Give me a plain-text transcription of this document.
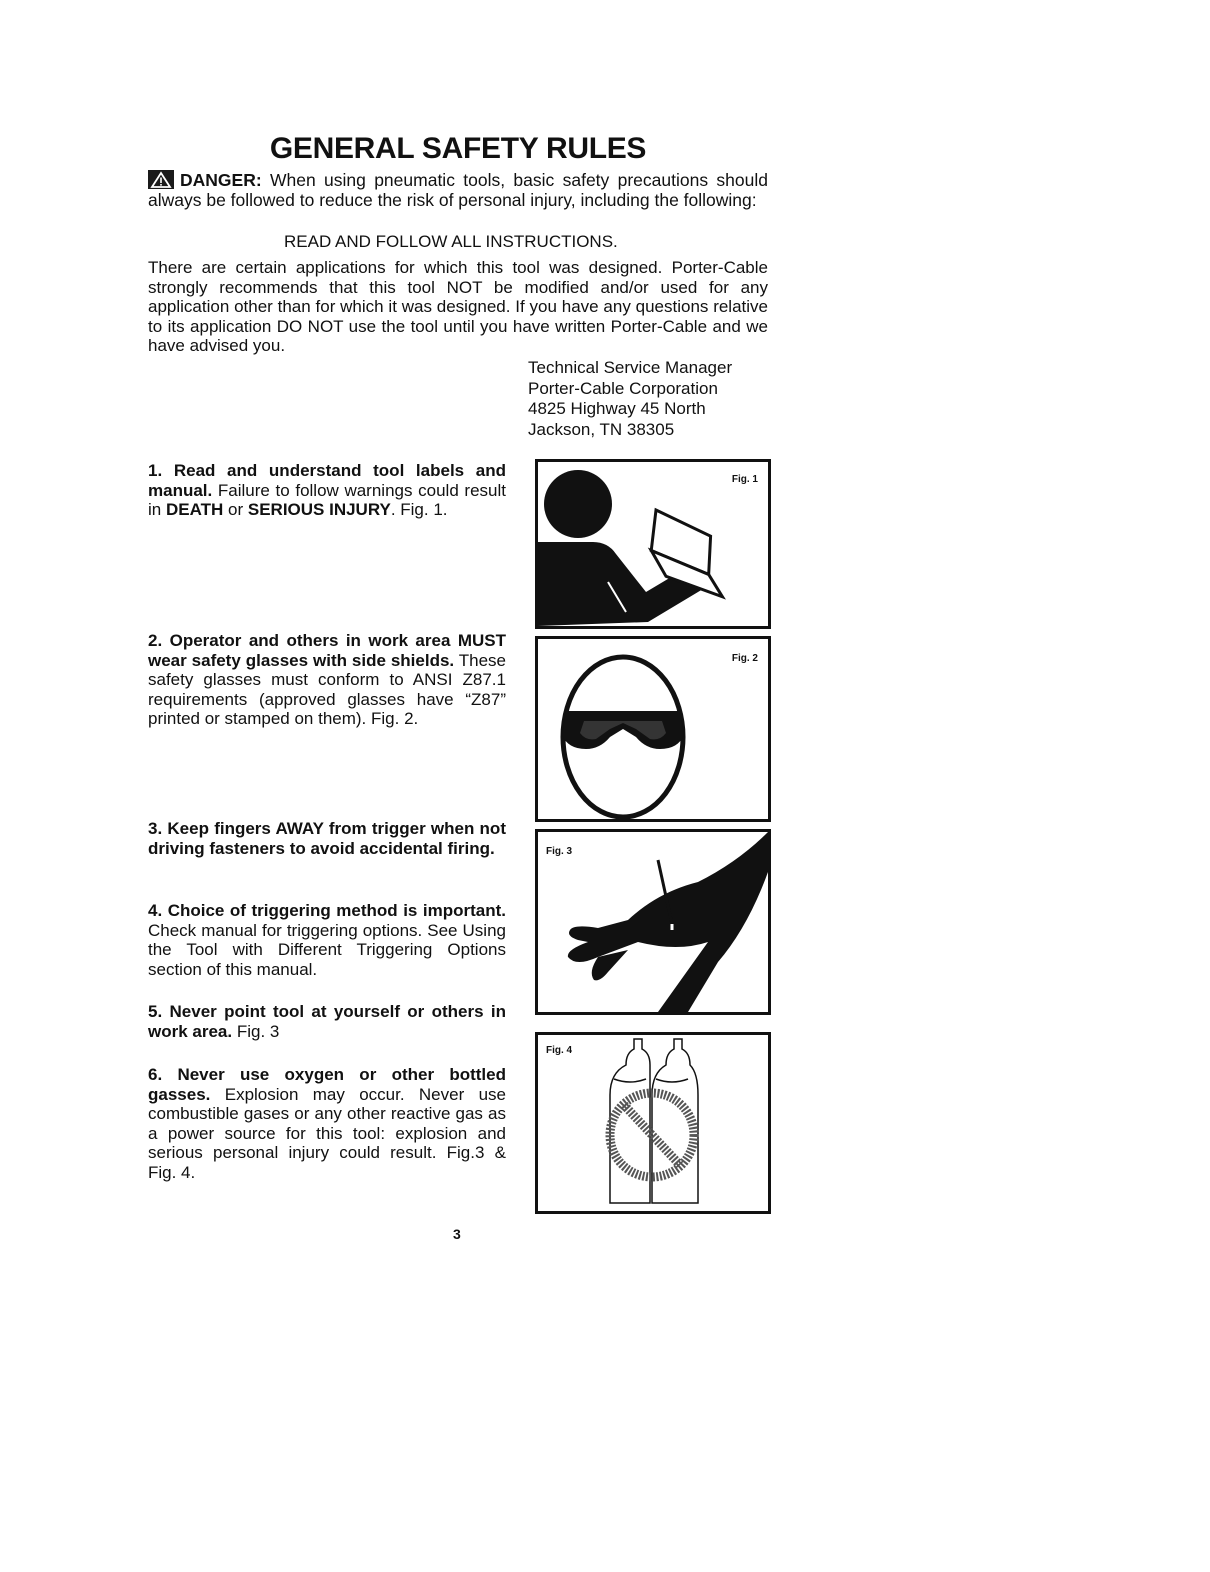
GENERAL SAFETY RULES
DANGER: When using pneumatic tools, basic safety precautions should always be followed to reduce the risk of personal injury, including the following:
READ AND FOLLOW ALL INSTRUCTIONS.
There are certain applications for which this tool was designed. Porter-Cable strongly recommends that this tool NOT be modified and/or used for any application other than for which it was designed. If you have any questions relative to its application DO NOT use the tool until you have written Porter-Cable and we have advised you.
Technical Service Manager
Porter-Cable Corporation
4825 Highway 45 North
Jackson, TN 38305
1. Read and understand tool labels and manual. Failure to follow warnings could result in DEATH or SERIOUS INJURY. Fig. 1.
2. Operator and others in work area MUST wear safety glasses with side shields. These safety glasses must conform to ANSI Z87.1 requirements (approved glasses have “Z87” printed or stamped on them). Fig. 2.
3. Keep fingers AWAY from trigger when not driving fasteners to avoid accidental firing.
4. Choice of triggering method is important. Check manual for triggering options. See Using the Tool with Different Triggering Options section of this manual.
5. Never point tool at yourself or others in work area. Fig. 3
6. Never use oxygen or other bottled gasses. Explosion may occur. Never use combustible gases or any other reactive gas as a power source for this tool: explosion and serious personal injury could result. Fig.3 & Fig. 4.
Fig. 1
Fig. 2
Fig. 3
Fig. 4
3
